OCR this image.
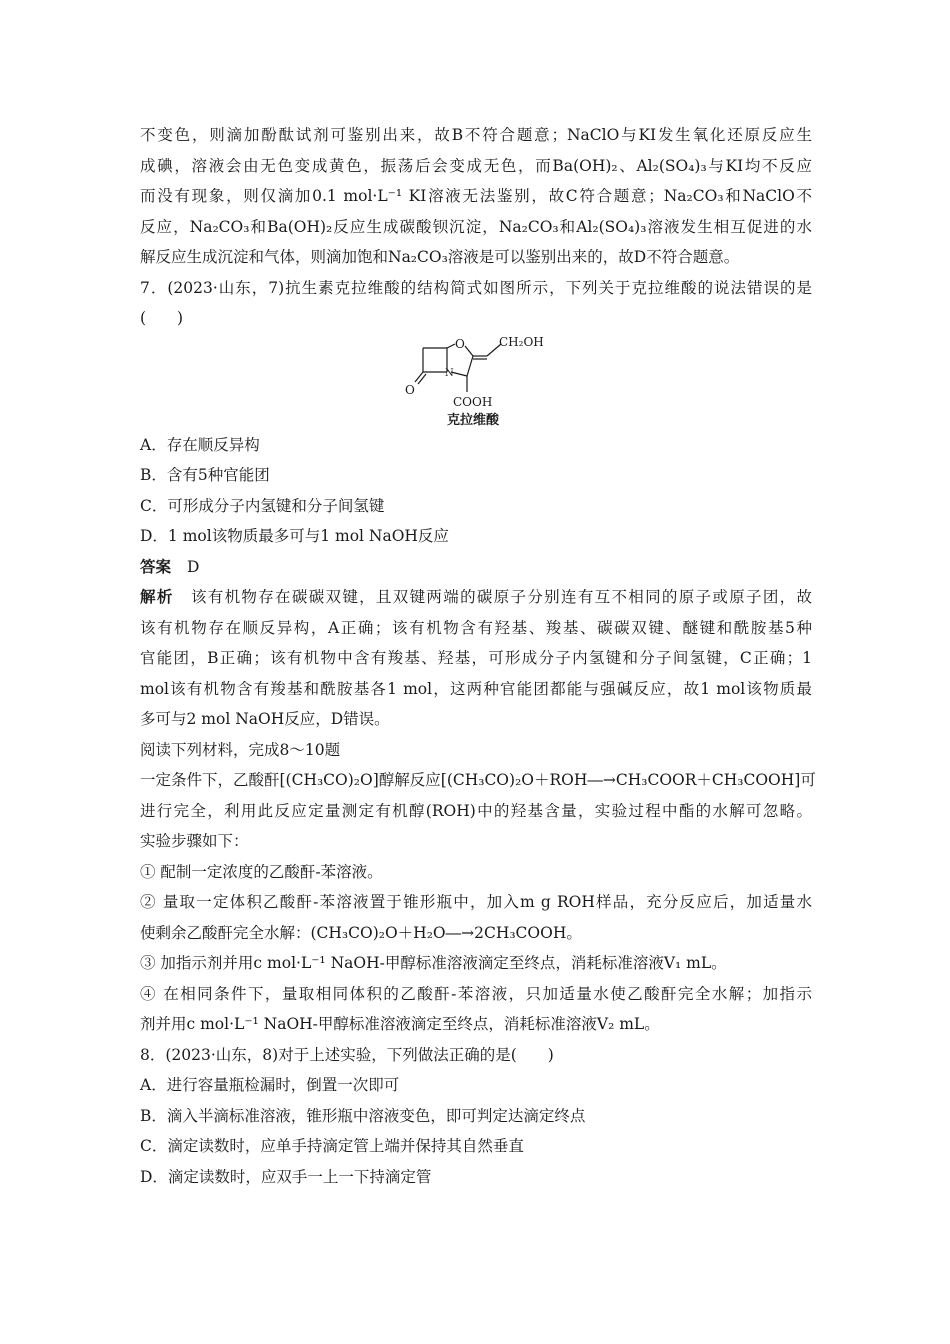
不变色，则滴加酚酞试剂可鉴别出来，故B不符合题意；NaClO与KI发生氧化还原反应生
成碘，溶液会由无色变成黄色，振荡后会变成无色，而Ba(OH)₂、Al₂(SO₄)₃与KI均不反应
而没有现象，则仅滴加0.1 mol·L⁻¹ KI溶液无法鉴别，故C符合题意；Na₂CO₃和NaClO不
反应，Na₂CO₃和Ba(OH)₂反应生成碳酸钡沉淀，Na₂CO₃和Al₂(SO₄)₃溶液发生相互促进的水
解反应生成沉淀和气体，则滴加饱和Na₂CO₃溶液是可以鉴别出来的，故D不符合题意。
7．(2023·山东，7)抗生素克拉维酸的结构简式如图所示，下列关于克拉维酸的说法错误的是
(　　)
O
N
O
CH₂OH
COOH
克拉维酸
A．存在顺反异构
B．含有5种官能团
C．可形成分子内氢键和分子间氢键
D．1 mol该物质最多可与1 mol NaOH反应
答案 D
解析 该有机物存在碳碳双键，且双键两端的碳原子分别连有互不相同的原子或原子团，故
该有机物存在顺反异构，A正确；该有机物含有羟基、羧基、碳碳双键、醚键和酰胺基5种
官能团，B正确；该有机物中含有羧基、羟基，可形成分子内氢键和分子间氢键，C正确；1
mol该有机物含有羧基和酰胺基各1 mol，这两种官能团都能与强碱反应，故1 mol该物质最
多可与2 mol NaOH反应，D错误。
阅读下列材料，完成8～10题
一定条件下，乙酸酐[(CH₃CO)₂O]醇解反应[(CH₃CO)₂O＋ROH―→CH₃COOR＋CH₃COOH]可
进行完全，利用此反应定量测定有机醇(ROH)中的羟基含量，实验过程中酯的水解可忽略。
实验步骤如下：
① 配制一定浓度的乙酸酐-苯溶液。
② 量取一定体积乙酸酐-苯溶液置于锥形瓶中，加入m g ROH样品，充分反应后，加适量水
使剩余乙酸酐完全水解：(CH₃CO)₂O＋H₂O―→2CH₃COOH。
③ 加指示剂并用c mol·L⁻¹ NaOH-甲醇标准溶液滴定至终点，消耗标准溶液V₁ mL。
④ 在相同条件下，量取相同体积的乙酸酐-苯溶液，只加适量水使乙酸酐完全水解；加指示
剂并用c mol·L⁻¹ NaOH-甲醇标准溶液滴定至终点，消耗标准溶液V₂ mL。
8．(2023·山东，8)对于上述实验，下列做法正确的是(　　)
A．进行容量瓶检漏时，倒置一次即可
B．滴入半滴标准溶液，锥形瓶中溶液变色，即可判定达滴定终点
C．滴定读数时，应单手持滴定管上端并保持其自然垂直
D．滴定读数时，应双手一上一下持滴定管
